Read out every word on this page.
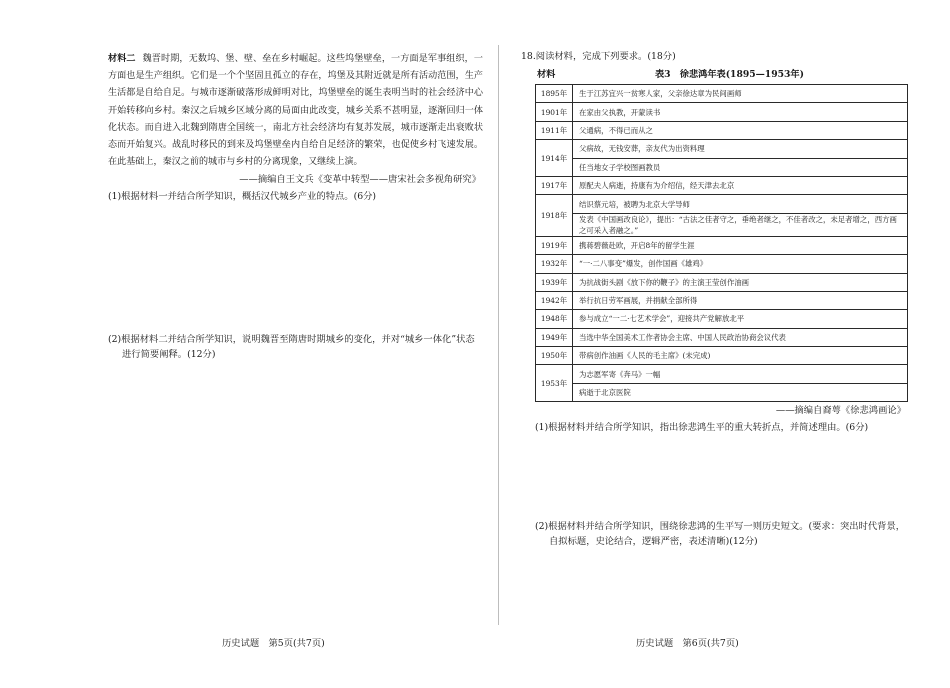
材料二 魏晋时期，无数坞、堡、壁、垒在乡村崛起。这些坞堡壁垒，一方面是军事组织，一方面也是生产组织。它们是一个个坚固且孤立的存在，坞堡及其附近就是所有活动范围，生产生活都是自给自足。与城市逐渐破落形成鲜明对比，坞堡壁垒的诞生表明当时的社会经济中心开始转移向乡村。秦汉之后城乡区域分离的局面由此改变，城乡关系不甚明显，逐渐回归一体化状态。而自进入北魏到隋唐全国统一，南北方社会经济均有复苏发展，城市逐渐走出衰败状态而开始复兴。战乱时移民的到来及坞堡壁垒内自给自足经济的繁荣，也促使乡村飞速发展。在此基础上，秦汉之前的城市与乡村的分离现象，又继续上演。

——摘编自王文兵《变革中转型——唐宋社会多视角研究》
(1)根据材料一并结合所学知识，概括汉代城乡产业的特点。(6分)
(2)根据材料二并结合所学知识，说明魏晋至隋唐时期城乡的变化，并对“城乡一体化”状态进行简要阐释。(12分)
18.阅读材料，完成下列要求。(18分)
材料	表3　徐悲鸿年表(1895—1953年)
1895年	生于江苏宜兴一贫寒人家，父亲徐达章为民间画师
1901年	在家由父执教，开蒙读书
1911年	父通病，不得已而从之
1914年	父病故，无钱安葬，亲友代为出资料理
	任当地女子学校图画教员
1917年	原配夫人病逝，持康有为介绍信，经天津去北京
1918年	结识蔡元培，被聘为北京大学导师
	发表《中国画改良论》，提出：“古法之佳者守之，垂绝者继之，不佳者改之，未足者增之，西方画之可采入者融之。”
1919年	携蒋碧薇赴欧，开启8年的留学生涯
1932年	“一·二八事变”爆发，创作国画《雄鸡》
1939年	为抗战街头剧《放下你的鞭子》的主演王莹创作油画
1942年	举行抗日劳军画展，并捐献全部所得
1948年	参与成立“一二·七艺术学会”，迎接共产党解放北平
1949年	当选中华全国美术工作者协会主席、中国人民政治协商会议代表
1950年	带病创作油画《人民的毛主席》(未完成)
1953年	为志愿军寄《奔马》一幅
	病逝于北京医院
——摘编自裔萼《徐悲鸿画论》
(1)根据材料并结合所学知识，指出徐悲鸿生平的重大转折点，并简述理由。(6分)
(2)根据材料并结合所学知识，围绕徐悲鸿的生平写一则历史短文。(要求：突出时代背景，自拟标题，史论结合，逻辑严密，表述清晰)(12分)
历史试题　第5页(共7页)	历史试题　第6页(共7页)
